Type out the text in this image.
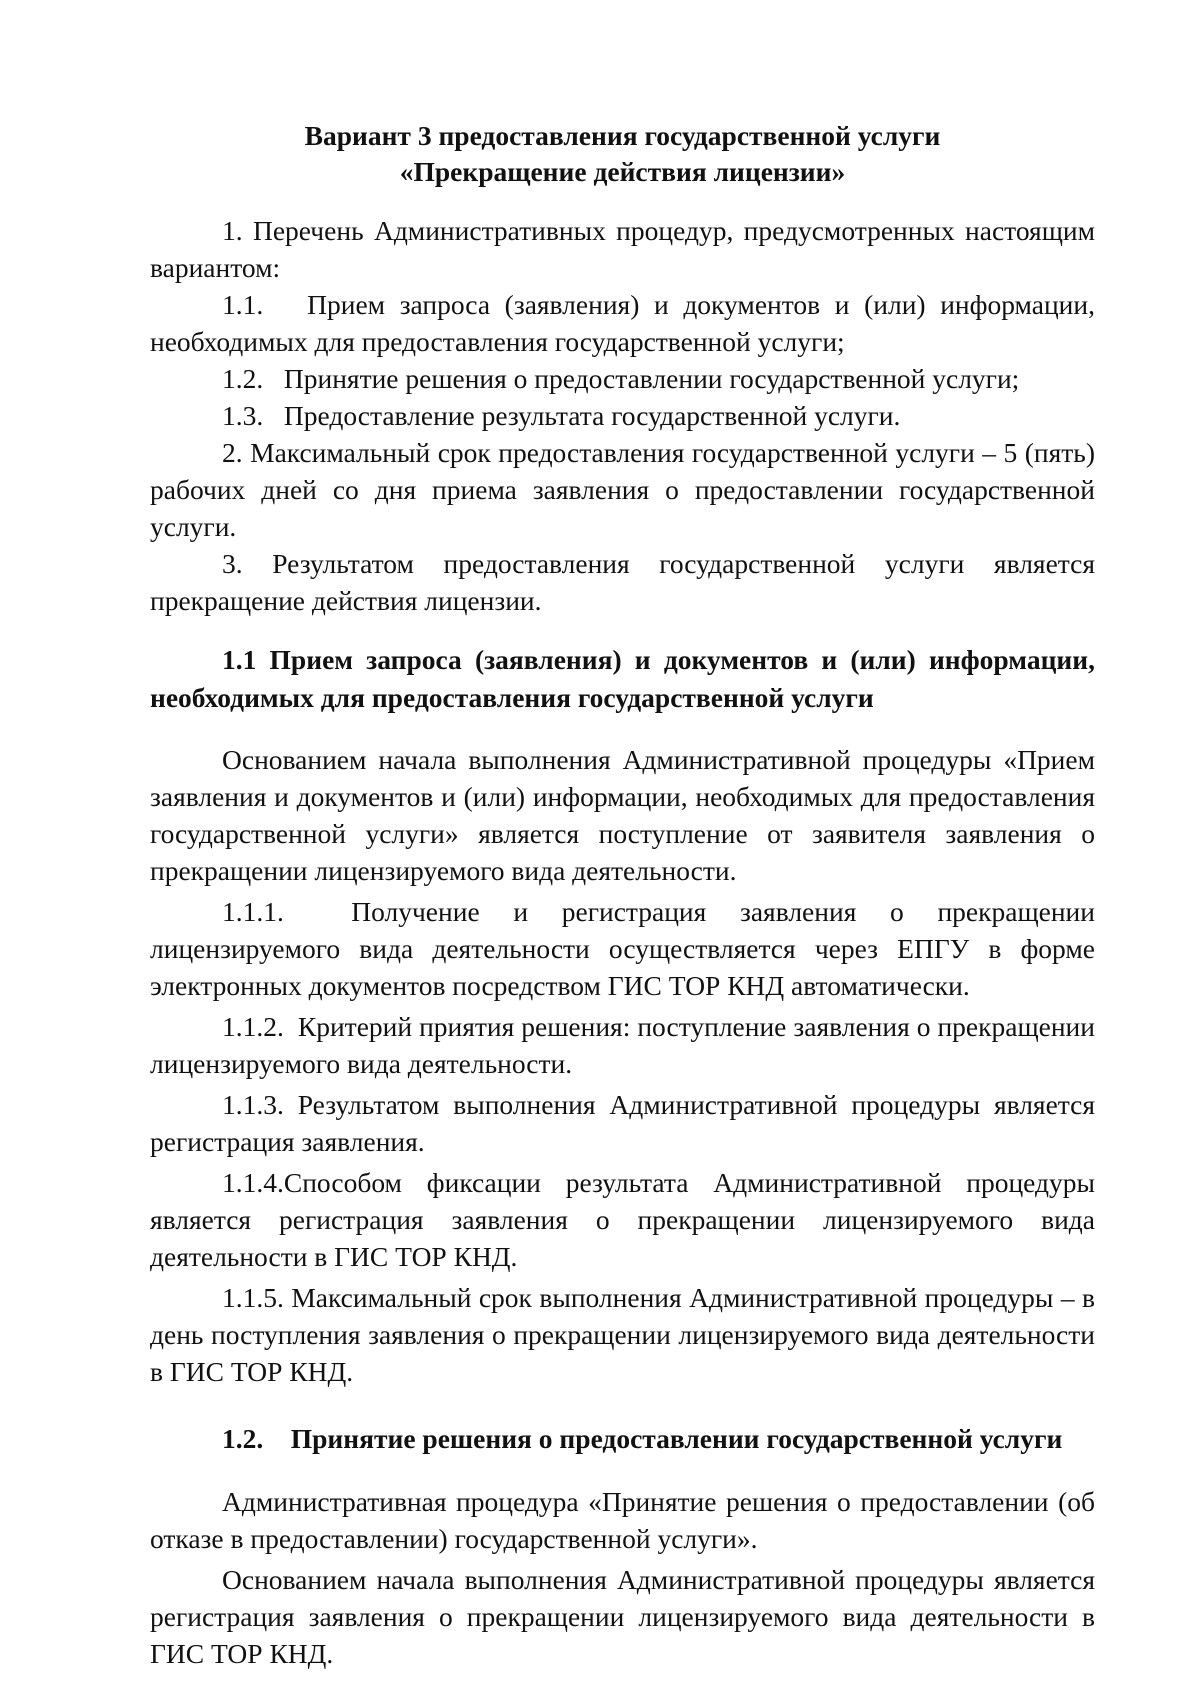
Вариант 3 предоставления государственной услуги
«Прекращение действия лицензии»

1. Перечень Административных процедур, предусмотренных настоящим вариантом:

1.1.   Прием запроса (заявления) и документов и (или) информации, необходимых для предоставления государственной услуги;

1.2.   Принятие решения о предоставлении государственной услуги;

1.3.   Предоставление результата государственной услуги.

2. Максимальный срок предоставления государственной услуги – 5 (пять) рабочих дней со дня приема заявления о предоставлении государственной услуги.

3. Результатом предоставления государственной услуги является прекращение действия лицензии.

1.1 Прием запроса (заявления) и документов и (или) информации, необходимых для предоставления государственной услуги

Основанием начала выполнения Административной процедуры «Прием заявления и документов и (или) информации, необходимых для предоставления государственной услуги» является поступление от заявителя заявления о прекращении лицензируемого вида деятельности.

1.1.1.  Получение и регистрация заявления о прекращении лицензируемого вида деятельности осуществляется через ЕПГУ в форме электронных документов посредством ГИС ТОР КНД автоматически.

1.1.2.  Критерий приятия решения: поступление заявления о прекращении лицензируемого вида деятельности.

1.1.3. Результатом выполнения Административной процедуры является регистрация заявления.

1.1.4.Способом фиксации результата Административной процедуры является регистрация заявления о прекращении лицензируемого вида деятельности в ГИС ТОР КНД.

1.1.5. Максимальный срок выполнения Административной процедуры – в день поступления заявления о прекращении лицензируемого вида деятельности в ГИС ТОР КНД.

1.2.    Принятие решения о предоставлении государственной услуги

Административная процедура «Принятие решения о предоставлении (об отказе в предоставлении) государственной услуги».

Основанием начала выполнения Административной процедуры является регистрация заявления о прекращении лицензируемого вида деятельности в ГИС ТОР КНД.
